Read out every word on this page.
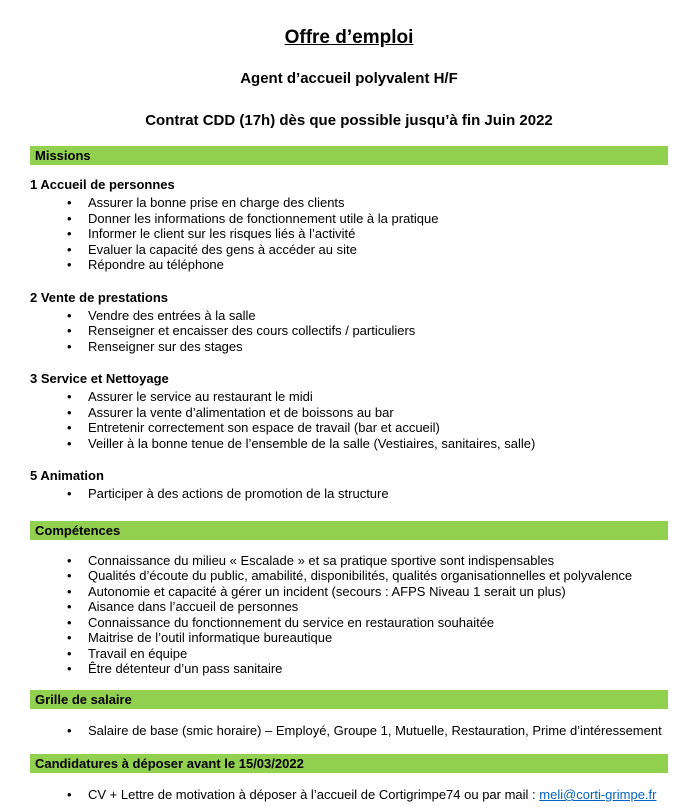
Offre d’emploi
Agent d’accueil polyvalent H/F
Contrat CDD (17h) dès que possible jusqu’à fin Juin 2022
Missions
1 Accueil de personnes
• Assurer la bonne prise en charge des clients
• Donner les informations de fonctionnement utile à la pratique
• Informer le client sur les risques liés à l’activité
• Evaluer la capacité des gens à accéder au site
• Répondre au téléphone
2 Vente de prestations
• Vendre des entrées à la salle
• Renseigner et encaisser des cours collectifs / particuliers
• Renseigner sur des stages
3 Service et Nettoyage
• Assurer le service au restaurant le midi
• Assurer la vente d’alimentation et de boissons au bar
• Entretenir correctement son espace de travail (bar et accueil)
• Veiller à la bonne tenue de l’ensemble de la salle (Vestiaires, sanitaires, salle)
5 Animation
• Participer à des actions de promotion de la structure
Compétences
• Connaissance du milieu « Escalade » et sa pratique sportive sont indispensables
• Qualités d’écoute du public, amabilité, disponibilités, qualités organisationnelles et polyvalence
• Autonomie et capacité à gérer un incident (secours : AFPS Niveau 1 serait un plus)
• Aisance dans l’accueil de personnes
• Connaissance du fonctionnement du service en restauration souhaitée
• Maitrise de l’outil informatique bureautique
• Travail en équipe
• Être détenteur d’un pass sanitaire
Grille de salaire
• Salaire de base (smic horaire) – Employé, Groupe 1, Mutuelle, Restauration, Prime d’intéressement
Candidatures à déposer avant le 15/03/2022
• CV + Lettre de motivation à déposer à l’accueil de Cortigrimpe74 ou par mail : meli@corti-grimpe.fr
